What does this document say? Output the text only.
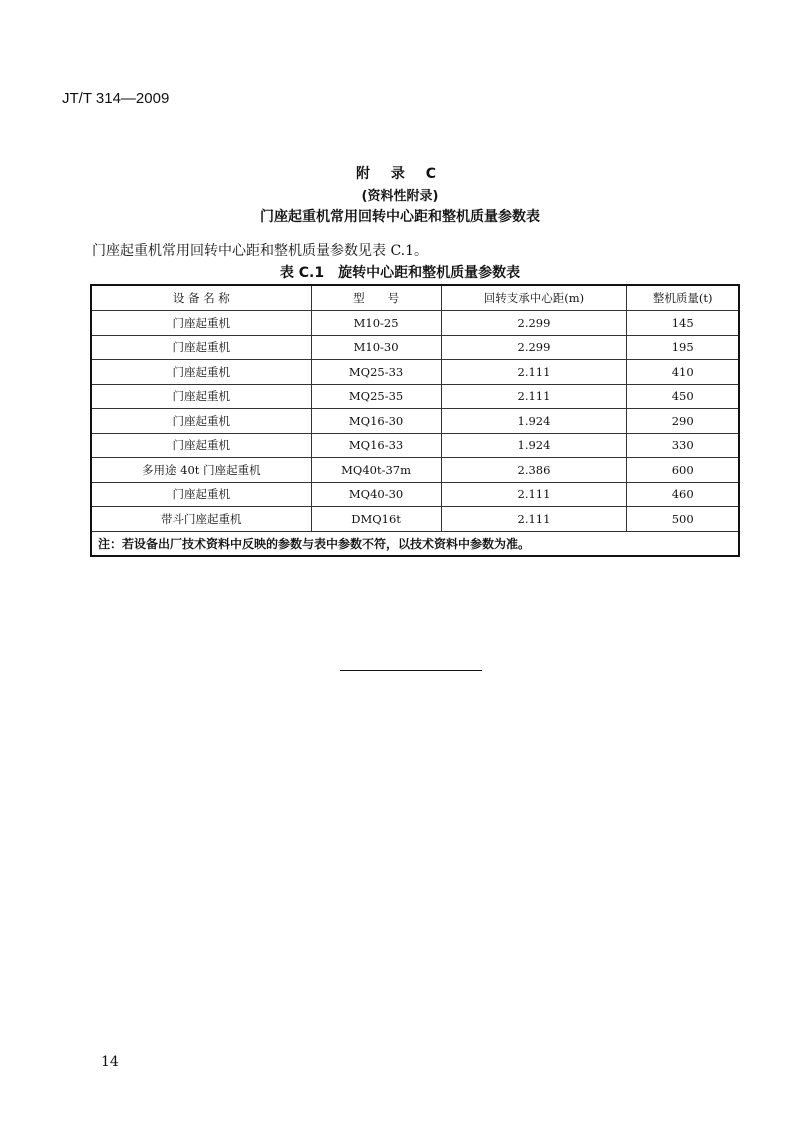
JT/T 314—2009
附 录 C
(资料性附录)
门座起重机常用回转中心距和整机质量参数表
门座起重机常用回转中心距和整机质量参数见表 C.1。
表 C.1　旋转中心距和整机质量参数表
设 备 名 称	型　　号	回转支承中心距(m)	整机质量(t)
门座起重机	M10-25	2.299	145
门座起重机	M10-30	2.299	195
门座起重机	MQ25-33	2.111	410
门座起重机	MQ25-35	2.111	450
门座起重机	MQ16-30	1.924	290
门座起重机	MQ16-33	1.924	330
多用途 40t 门座起重机	MQ40t-37m	2.386	600
门座起重机	MQ40-30	2.111	460
带斗门座起重机	DMQ16t	2.111	500
注：若设备出厂技术资料中反映的参数与表中参数不符，以技术资料中参数为准。			
14
